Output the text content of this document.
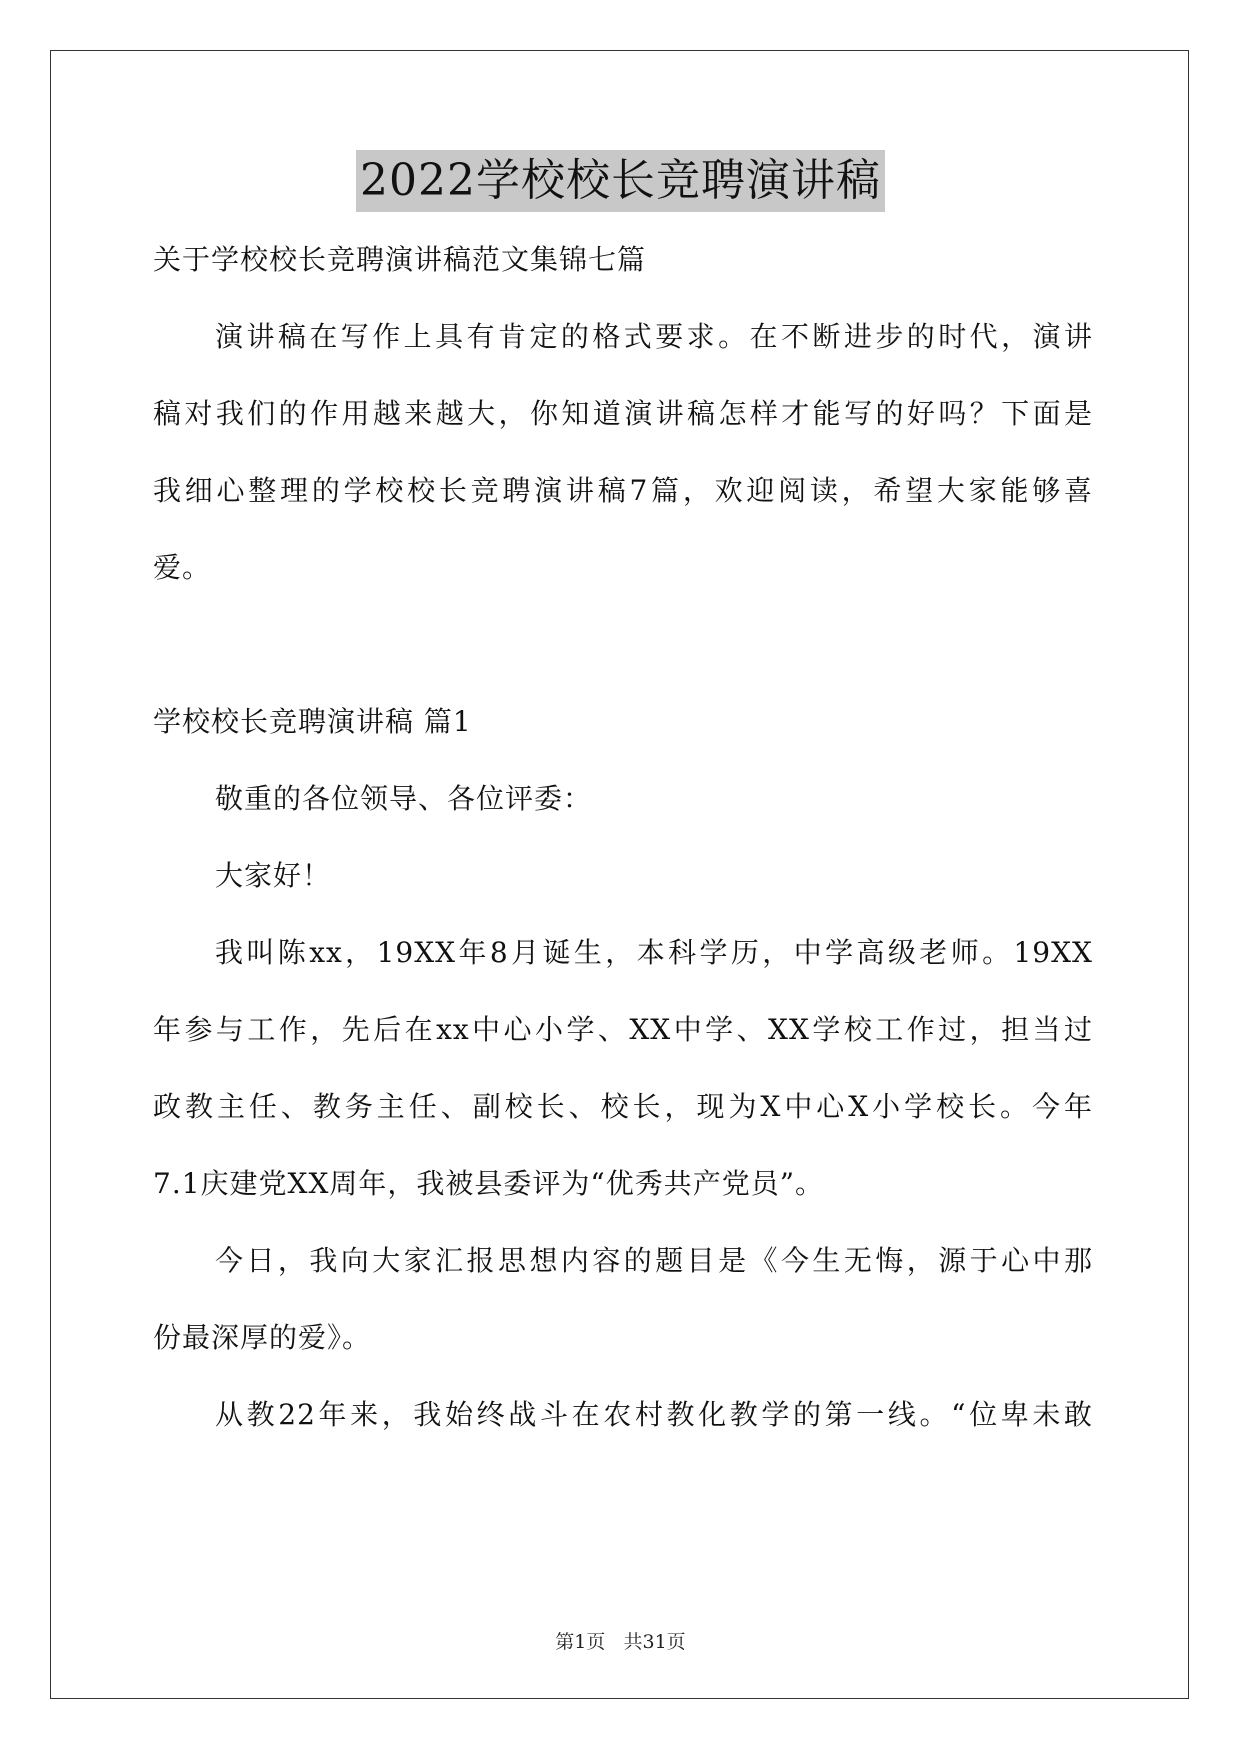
2022学校校长竞聘演讲稿
关于学校校长竞聘演讲稿范文集锦七篇
演讲稿在写作上具有肯定的格式要求。在不断进步的时代，演讲
稿对我们的作用越来越大，你知道演讲稿怎样才能写的好吗？下面是
我细心整理的学校校长竞聘演讲稿7篇，欢迎阅读，希望大家能够喜
爱。
学校校长竞聘演讲稿 篇1
敬重的各位领导、各位评委：
大家好！
我叫陈xx，19XX年8月诞生，本科学历，中学高级老师。19XX
年参与工作，先后在xx中心小学、XX中学、XX学校工作过，担当过
政教主任、教务主任、副校长、校长，现为X中心X小学校长。今年
7.1庆建党XX周年，我被县委评为“优秀共产党员”。
今日，我向大家汇报思想内容的题目是《今生无悔，源于心中那
份最深厚的爱》。
从教22年来，我始终战斗在农村教化教学的第一线。“位卑未敢
第1页   共31页
